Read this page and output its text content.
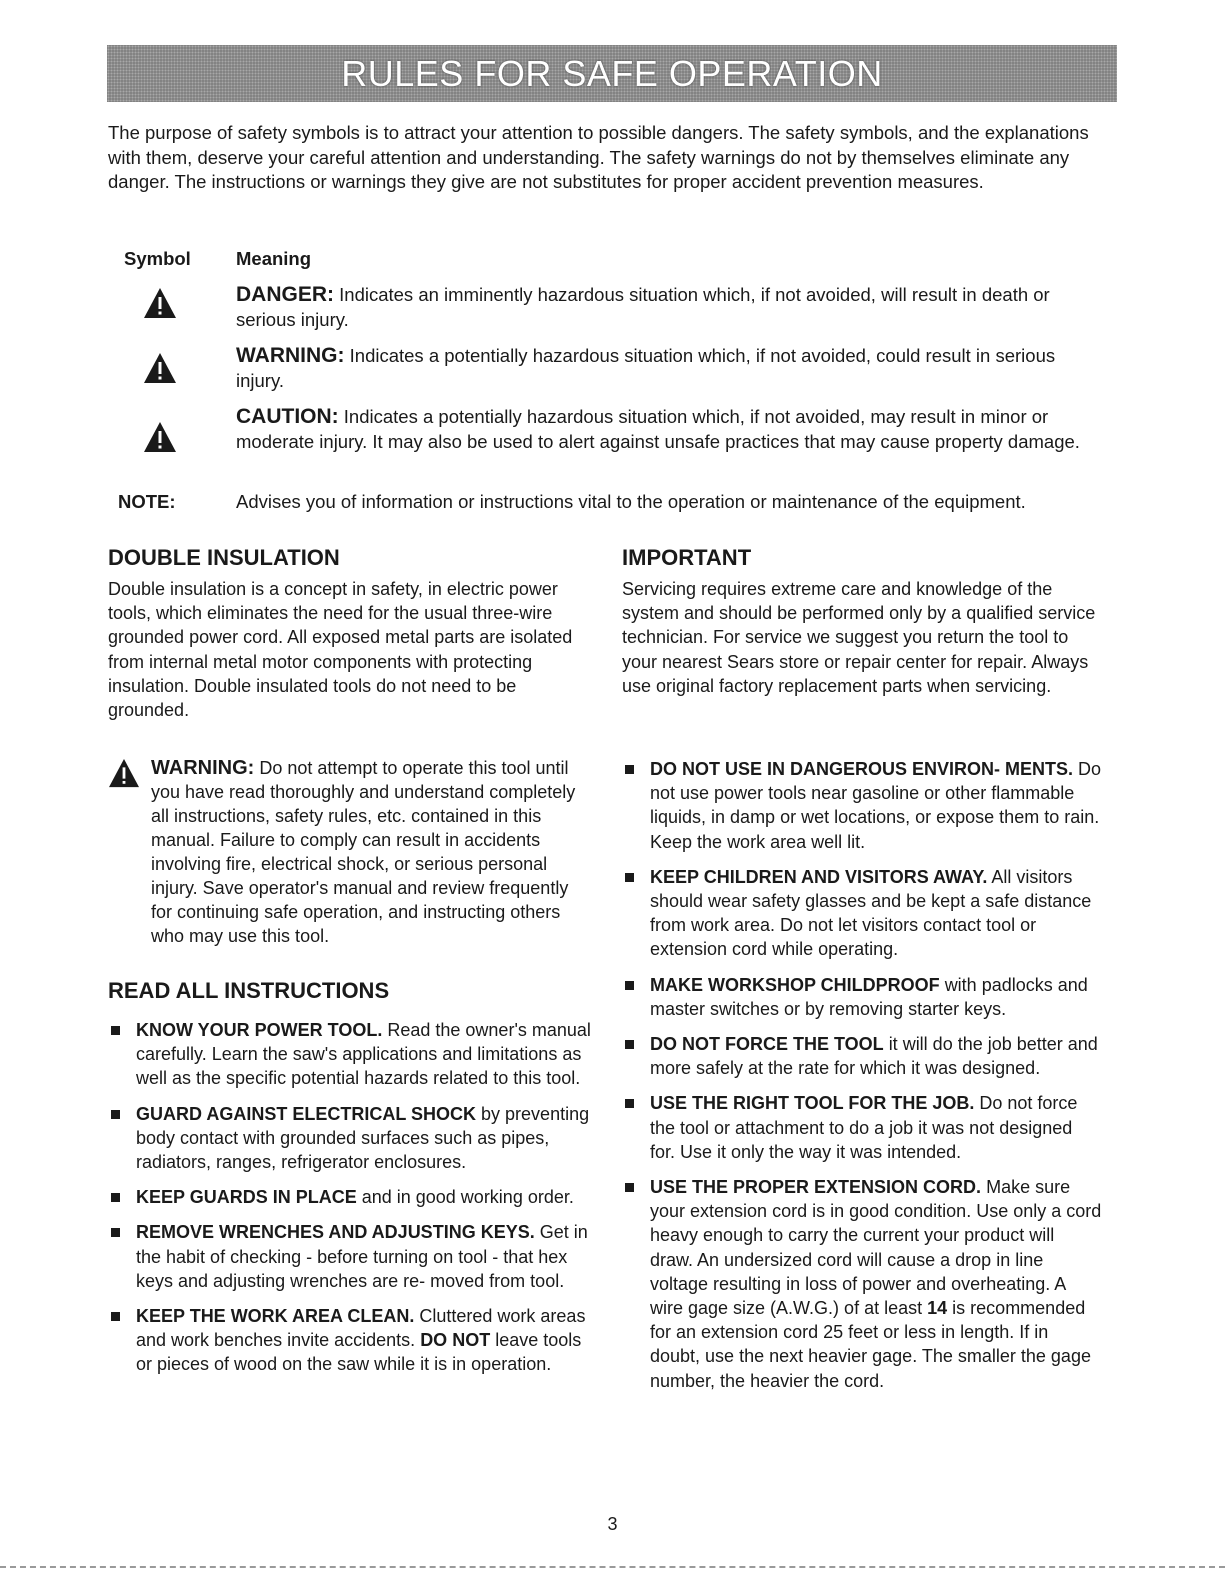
RULES FOR SAFE OPERATION

The purpose of safety symbols is to attract your attention to possible dangers. The safety symbols, and the explanations with them, deserve your careful attention and understanding. The safety warnings do not by themselves eliminate any danger. The instructions or warnings they give are not substitutes for proper accident prevention measures.

Symbol Meaning

DANGER: Indicates an imminently hazardous situation which, if not avoided, will result in death or serious injury.

WARNING: Indicates a potentially hazardous situation which, if not avoided, could result in serious injury.

CAUTION: Indicates a potentially hazardous situation which, if not avoided, may result in minor or moderate injury. It may also be used to alert against unsafe practices that may cause property damage.

NOTE:	Advises you of information or instructions vital to the operation or maintenance of the equipment.
DOUBLE INSULATION

Double insulation is a concept in safety, in electric power tools, which eliminates the need for the usual three-wire grounded power cord. All exposed metal parts are isolated from internal metal motor components with protecting insulation. Double insulated tools do not need to be grounded.

IMPORTANT

Servicing requires extreme care and knowledge of the system and should be performed only by a qualified service technician. For service we suggest you return the tool to your nearest Sears store or repair center for repair. Always use original factory replacement parts when servicing.

WARNING: Do not attempt to operate this tool until you have read thoroughly and understand completely all instructions, safety rules, etc. contained in this manual. Failure to comply can result in accidents involving fire, electrical shock, or serious personal injury. Save operator's manual and review frequently for continuing safe operation, and instructing others who may use this tool.

READ ALL INSTRUCTIONS
KNOW YOUR POWER TOOL. Read the owner's manual carefully. Learn the saw's applications and limitations as well as the specific potential hazards related to this tool.
GUARD AGAINST ELECTRICAL SHOCK by preventing body contact with grounded surfaces such as pipes, radiators, ranges, refrigerator enclosures.
KEEP GUARDS IN PLACE and in good working order.
REMOVE WRENCHES AND ADJUSTING KEYS. Get in the habit of checking - before turning on tool - that hex keys and adjusting wrenches are re- moved from tool.
KEEP THE WORK AREA CLEAN. Cluttered work areas and work benches invite accidents. DO NOT leave tools or pieces of wood on the saw while it is in operation.
DO NOT USE IN DANGEROUS ENVIRON- MENTS. Do not use power tools near gasoline or other flammable liquids, in damp or wet locations, or expose them to rain. Keep the work area well lit.
KEEP CHILDREN AND VISITORS AWAY. All visitors should wear safety glasses and be kept a safe distance from work area. Do not let visitors contact tool or extension cord while operating.
MAKE WORKSHOP CHILDPROOF with padlocks and master switches or by removing starter keys.
DO NOT FORCE THE TOOL it will do the job better and more safely at the rate for which it was designed.
USE THE RIGHT TOOL FOR THE JOB. Do not force the tool or attachment to do a job it was not designed for. Use it only the way it was intended.
USE THE PROPER EXTENSION CORD. Make sure your extension cord is in good condition. Use only a cord heavy enough to carry the current your product will draw. An undersized cord will cause a drop in line voltage resulting in loss of power and overheating. A wire gage size (A.W.G.) of at least 14 is recommended for an extension cord 25 feet or less in length. If in doubt, use the next heavier gage. The smaller the gage number, the heavier the cord.
3
